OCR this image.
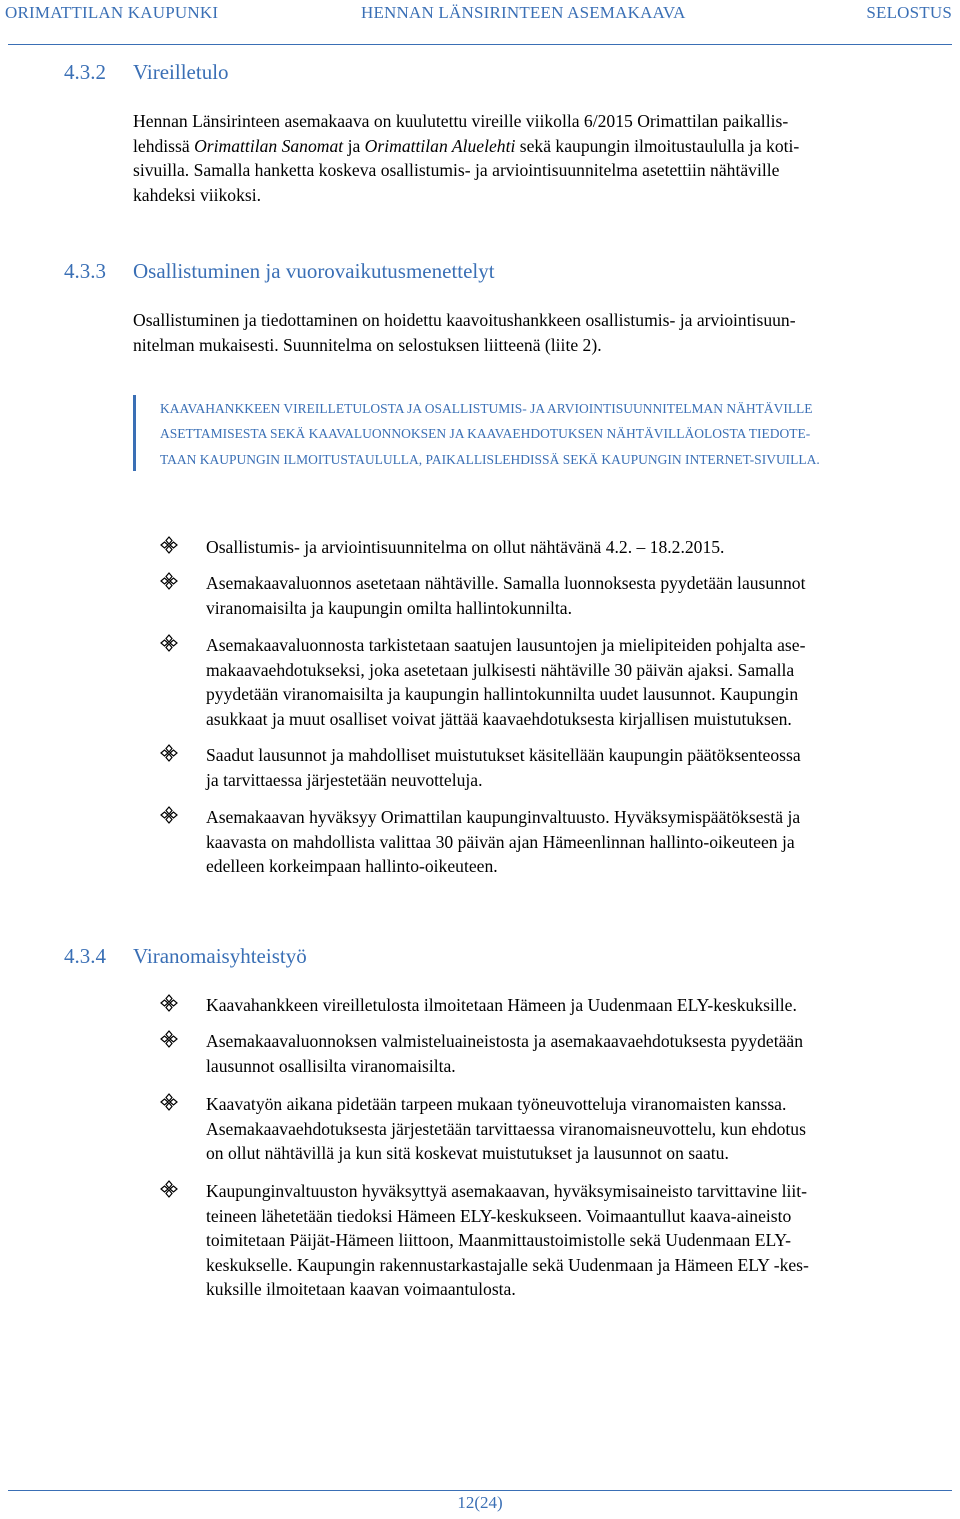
ORIMATTILAN KAUPUNKI	HENNAN LÄNSIRINTEEN ASEMAKAAVA	SELOSTUS
4.3.2 Vireilletulo
Hennan Länsirinteen asemakaava on kuulutettu vireille viikolla 6/2015 Orimattilan paikallis-
lehdissä Orimattilan Sanomat ja Orimattilan Aluelehti sekä kaupungin ilmoitustaululla ja koti-
sivuilla. Samalla hanketta koskeva osallistumis- ja arviointisuunnitelma asetettiin nähtäville
kahdeksi viikoksi.
4.3.3 Osallistuminen ja vuorovaikutusmenettelyt
Osallistuminen ja tiedottaminen on hoidettu kaavoitushankkeen osallistumis- ja arviointisuun-
nitelman mukaisesti. Suunnitelma on selostuksen liitteenä (liite 2).
KAAVAHANKKEEN VIREILLETULOSTA JA OSALLISTUMIS- JA ARVIOINTISUUNNITELMAN NÄHTÄVILLE
ASETTAMISESTA SEKÄ KAAVALUONNOKSEN JA KAAVAEHDOTUKSEN NÄHTÄVILLÄOLOSTA TIEDOTE-
TAAN KAUPUNGIN ILMOITUSTAULULLA, PAIKALLISLEHDISSÄ SEKÄ KAUPUNGIN INTERNET-SIVUILLA.
Osallistumis- ja arviointisuunnitelma on ollut nähtävänä 4.2. – 18.2.2015.
Asemakaavaluonnos asetetaan nähtäville. Samalla luonnoksesta pyydetään lausunnot
viranomaisilta ja kaupungin omilta hallintokunnilta.
Asemakaavaluonnosta tarkistetaan saatujen lausuntojen ja mielipiteiden pohjalta ase-
makaavaehdotukseksi, joka asetetaan julkisesti nähtäville 30 päivän ajaksi. Samalla
pyydetään viranomaisilta ja kaupungin hallintokunnilta uudet lausunnot. Kaupungin
asukkaat ja muut osalliset voivat jättää kaavaehdotuksesta kirjallisen muistutuksen.
Saadut lausunnot ja mahdolliset muistutukset käsitellään kaupungin päätöksenteossa
ja tarvittaessa järjestetään neuvotteluja.
Asemakaavan hyväksyy Orimattilan kaupunginvaltuusto. Hyväksymispäätöksestä ja
kaavasta on mahdollista valittaa 30 päivän ajan Hämeenlinnan hallinto-oikeuteen ja
edelleen korkeimpaan hallinto-oikeuteen.
4.3.4 Viranomaisyhteistyö
Kaavahankkeen vireilletulosta ilmoitetaan Hämeen ja Uudenmaan ELY-keskuksille.
Asemakaavaluonnoksen valmisteluaineistosta ja asemakaavaehdotuksesta pyydetään
lausunnot osallisilta viranomaisilta.
Kaavatyön aikana pidetään tarpeen mukaan työneuvotteluja viranomaisten kanssa.
Asemakaavaehdotuksesta järjestetään tarvittaessa viranomaisneuvottelu, kun ehdotus
on ollut nähtävillä ja kun sitä koskevat muistutukset ja lausunnot on saatu.
Kaupunginvaltuuston hyväksyttyä asemakaavan, hyväksymisaineisto tarvittavine liit-
teineen lähetetään tiedoksi Hämeen ELY-keskukseen. Voimaantullut kaava-aineisto
toimitetaan Päijät-Hämeen liittoon, Maanmittaustoimistolle sekä Uudenmaan ELY-
keskukselle. Kaupungin rakennustarkastajalle sekä Uudenmaan ja Hämeen ELY -kes-
kuksille ilmoitetaan kaavan voimaantulosta.
12(24)
